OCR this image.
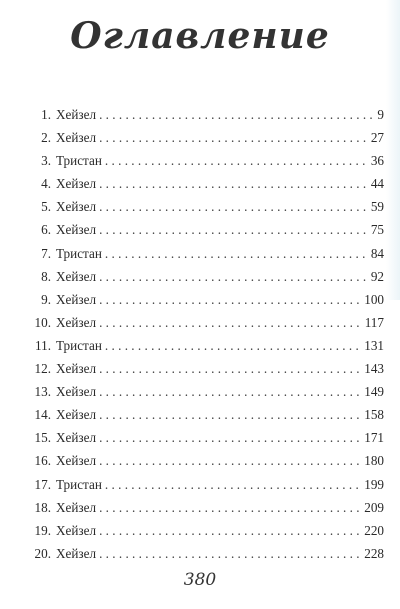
Оглавление
1. Хейзел . . .	9
2. Хейзел . . .	27
3. Тристан . . .	36
4. Хейзел . . .	44
5. Хейзел . . .	59
6. Хейзел . . .	75
7. Тристан . . .	84
8. Хейзел . . .	92
9. Хейзел . . .	100
10. Хейзел . . .	117
11. Тристан . . .	131
12. Хейзел . . .	143
13. Хейзел . . .	149
14. Хейзел . . .	158
15. Хейзел . . .	171
16. Хейзел . . .	180
17. Тристан . . .	199
18. Хейзел . . .	209
19. Хейзел . . .	220
20. Хейзел . . .	228
380
